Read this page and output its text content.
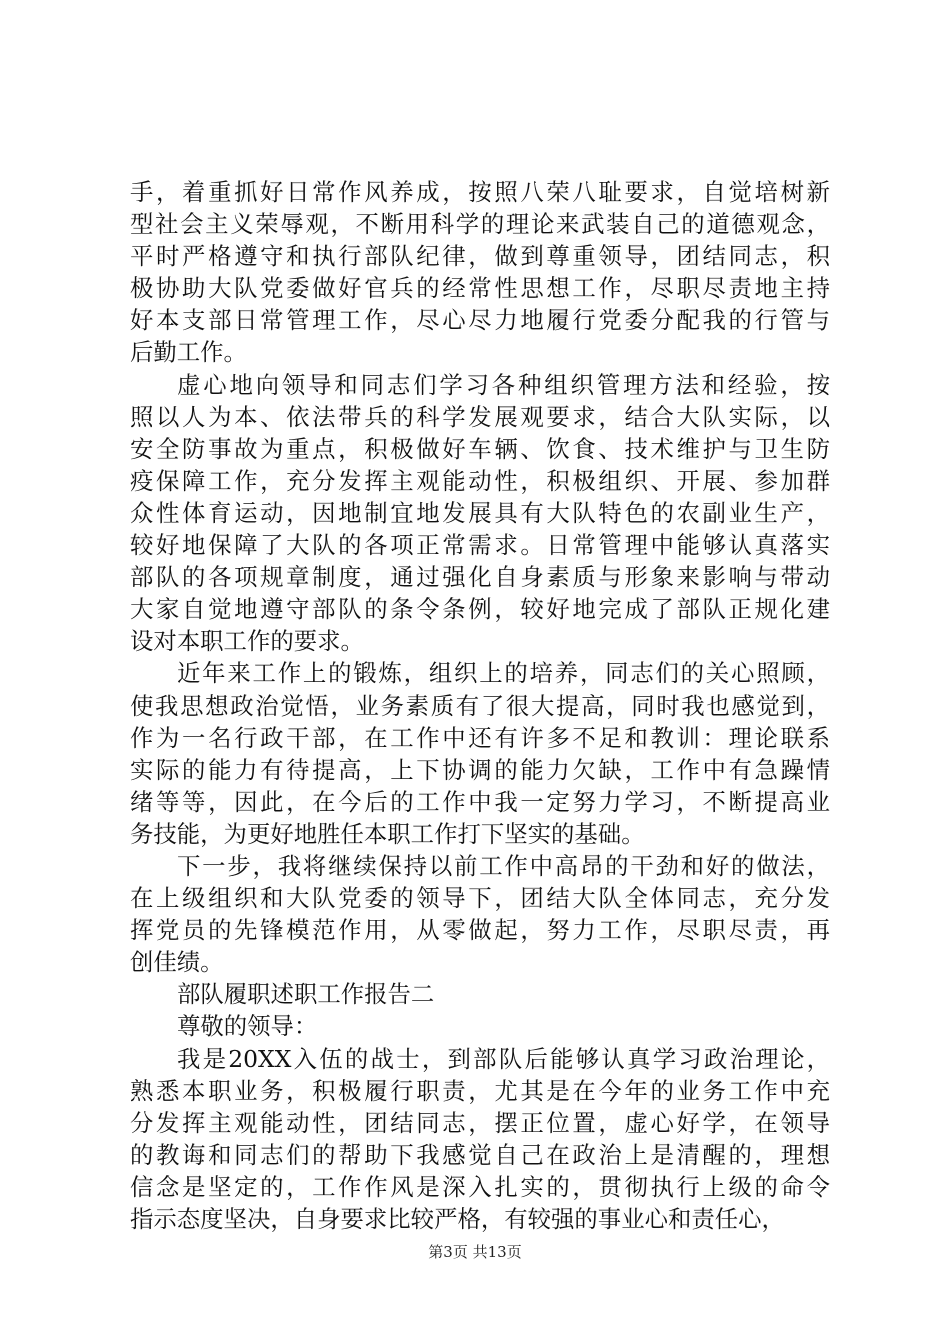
手，着重抓好日常作风养成，按照八荣八耻要求，自觉培树新
型社会主义荣辱观，不断用科学的理论来武装自己的道德观念，
平时严格遵守和执行部队纪律，做到尊重领导，团结同志，积
极协助大队党委做好官兵的经常性思想工作，尽职尽责地主持
好本支部日常管理工作，尽心尽力地履行党委分配我的行管与
后勤工作。
虚心地向领导和同志们学习各种组织管理方法和经验，按
照以人为本、依法带兵的科学发展观要求，结合大队实际，以
安全防事故为重点，积极做好车辆、饮食、技术维护与卫生防
疫保障工作，充分发挥主观能动性，积极组织、开展、参加群
众性体育运动，因地制宜地发展具有大队特色的农副业生产，
较好地保障了大队的各项正常需求。日常管理中能够认真落实
部队的各项规章制度，通过强化自身素质与形象来影响与带动
大家自觉地遵守部队的条令条例，较好地完成了部队正规化建
设对本职工作的要求。
近年来工作上的锻炼，组织上的培养，同志们的关心照顾，
使我思想政治觉悟，业务素质有了很大提高，同时我也感觉到，
作为一名行政干部，在工作中还有许多不足和教训：理论联系
实际的能力有待提高，上下协调的能力欠缺，工作中有急躁情
绪等等，因此，在今后的工作中我一定努力学习，不断提高业
务技能，为更好地胜任本职工作打下坚实的基础。
下一步，我将继续保持以前工作中高昂的干劲和好的做法，
在上级组织和大队党委的领导下，团结大队全体同志，充分发
挥党员的先锋模范作用，从零做起，努力工作，尽职尽责，再
创佳绩。
部队履职述职工作报告二
尊敬的领导：
我是20XX入伍的战士，到部队后能够认真学习政治理论，
熟悉本职业务，积极履行职责，尤其是在今年的业务工作中充
分发挥主观能动性，团结同志，摆正位置，虚心好学，在领导
的教诲和同志们的帮助下我感觉自己在政治上是清醒的，理想
信念是坚定的，工作作风是深入扎实的，贯彻执行上级的命令
指示态度坚决，自身要求比较严格，有较强的事业心和责任心，
第3页 共13页
